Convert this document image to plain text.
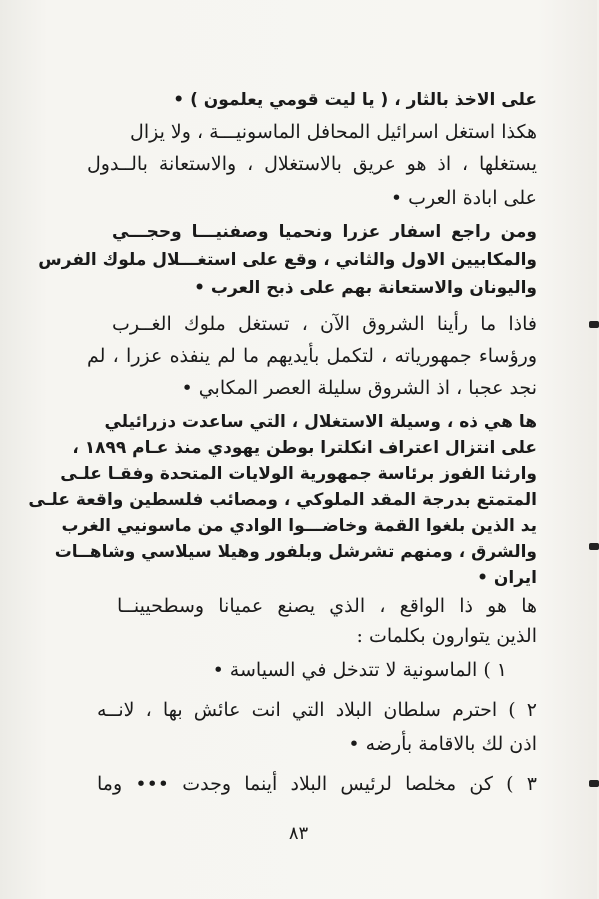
على الاخذ بالثار ، ( يا ليت قومي يعلمون ) •
هكذا استغل اسرائيل المحافل الماسونيـــة ، ولا يزال
يستغلها ، اذ هو عريق بالاستغلال ، والاستعانة بالــدول
على ابادة العرب •
ومن راجع اسفار عزرا ونحميا وصفنيـــا وحجـــي
والمكابيين الاول والثاني ، وقع على استغـــلال ملوك الفرس
واليونان والاستعانة بهم على ذبح العرب •
فاذا ما رأينا الشروق الآن ، تستغل ملوك الغــرب
ورؤساء جمهورياته ، لتكمل بأيديهم ما لم ينفذه عزرا ، لم
نجد عجبا ، اذ الشروق سليلة العصر المكابي •
ها هي ذه ، وسيلة الاستغلال ، التي ساعدت دزرائيلي
على انتزال اعتراف انكلترا بوطن يهودي منذ عـام ١٨٩٩ ،
وارثنا الفوز برئاسة جمهورية الولايات المتحدة وفقـا علـى
المتمتع بدرجة المقد الملوكي ، ومصائب فلسطين واقعة علـى
يد الذين بلغوا القمة وخاضـــوا الوادي من ماسونيي الغرب
والشرق ، ومنهم تشرشل وبلفور وهيلا سيلاسي وشاهــات
ايران •
ها هو ذا الواقع ، الذي يصنع عميانا وسطحيينــا
الذين يتوارون بكلمات :
١ ) الماسونية لا تتدخل في السياسة •
٢ ) احترم سلطان البلاد التي انت عائش بها ، لانــه
اذن لك بالاقامة بأرضه •
٣ ) كن مخلصا لرئيس البلاد أينما وجدت ••• وما
٨٣
